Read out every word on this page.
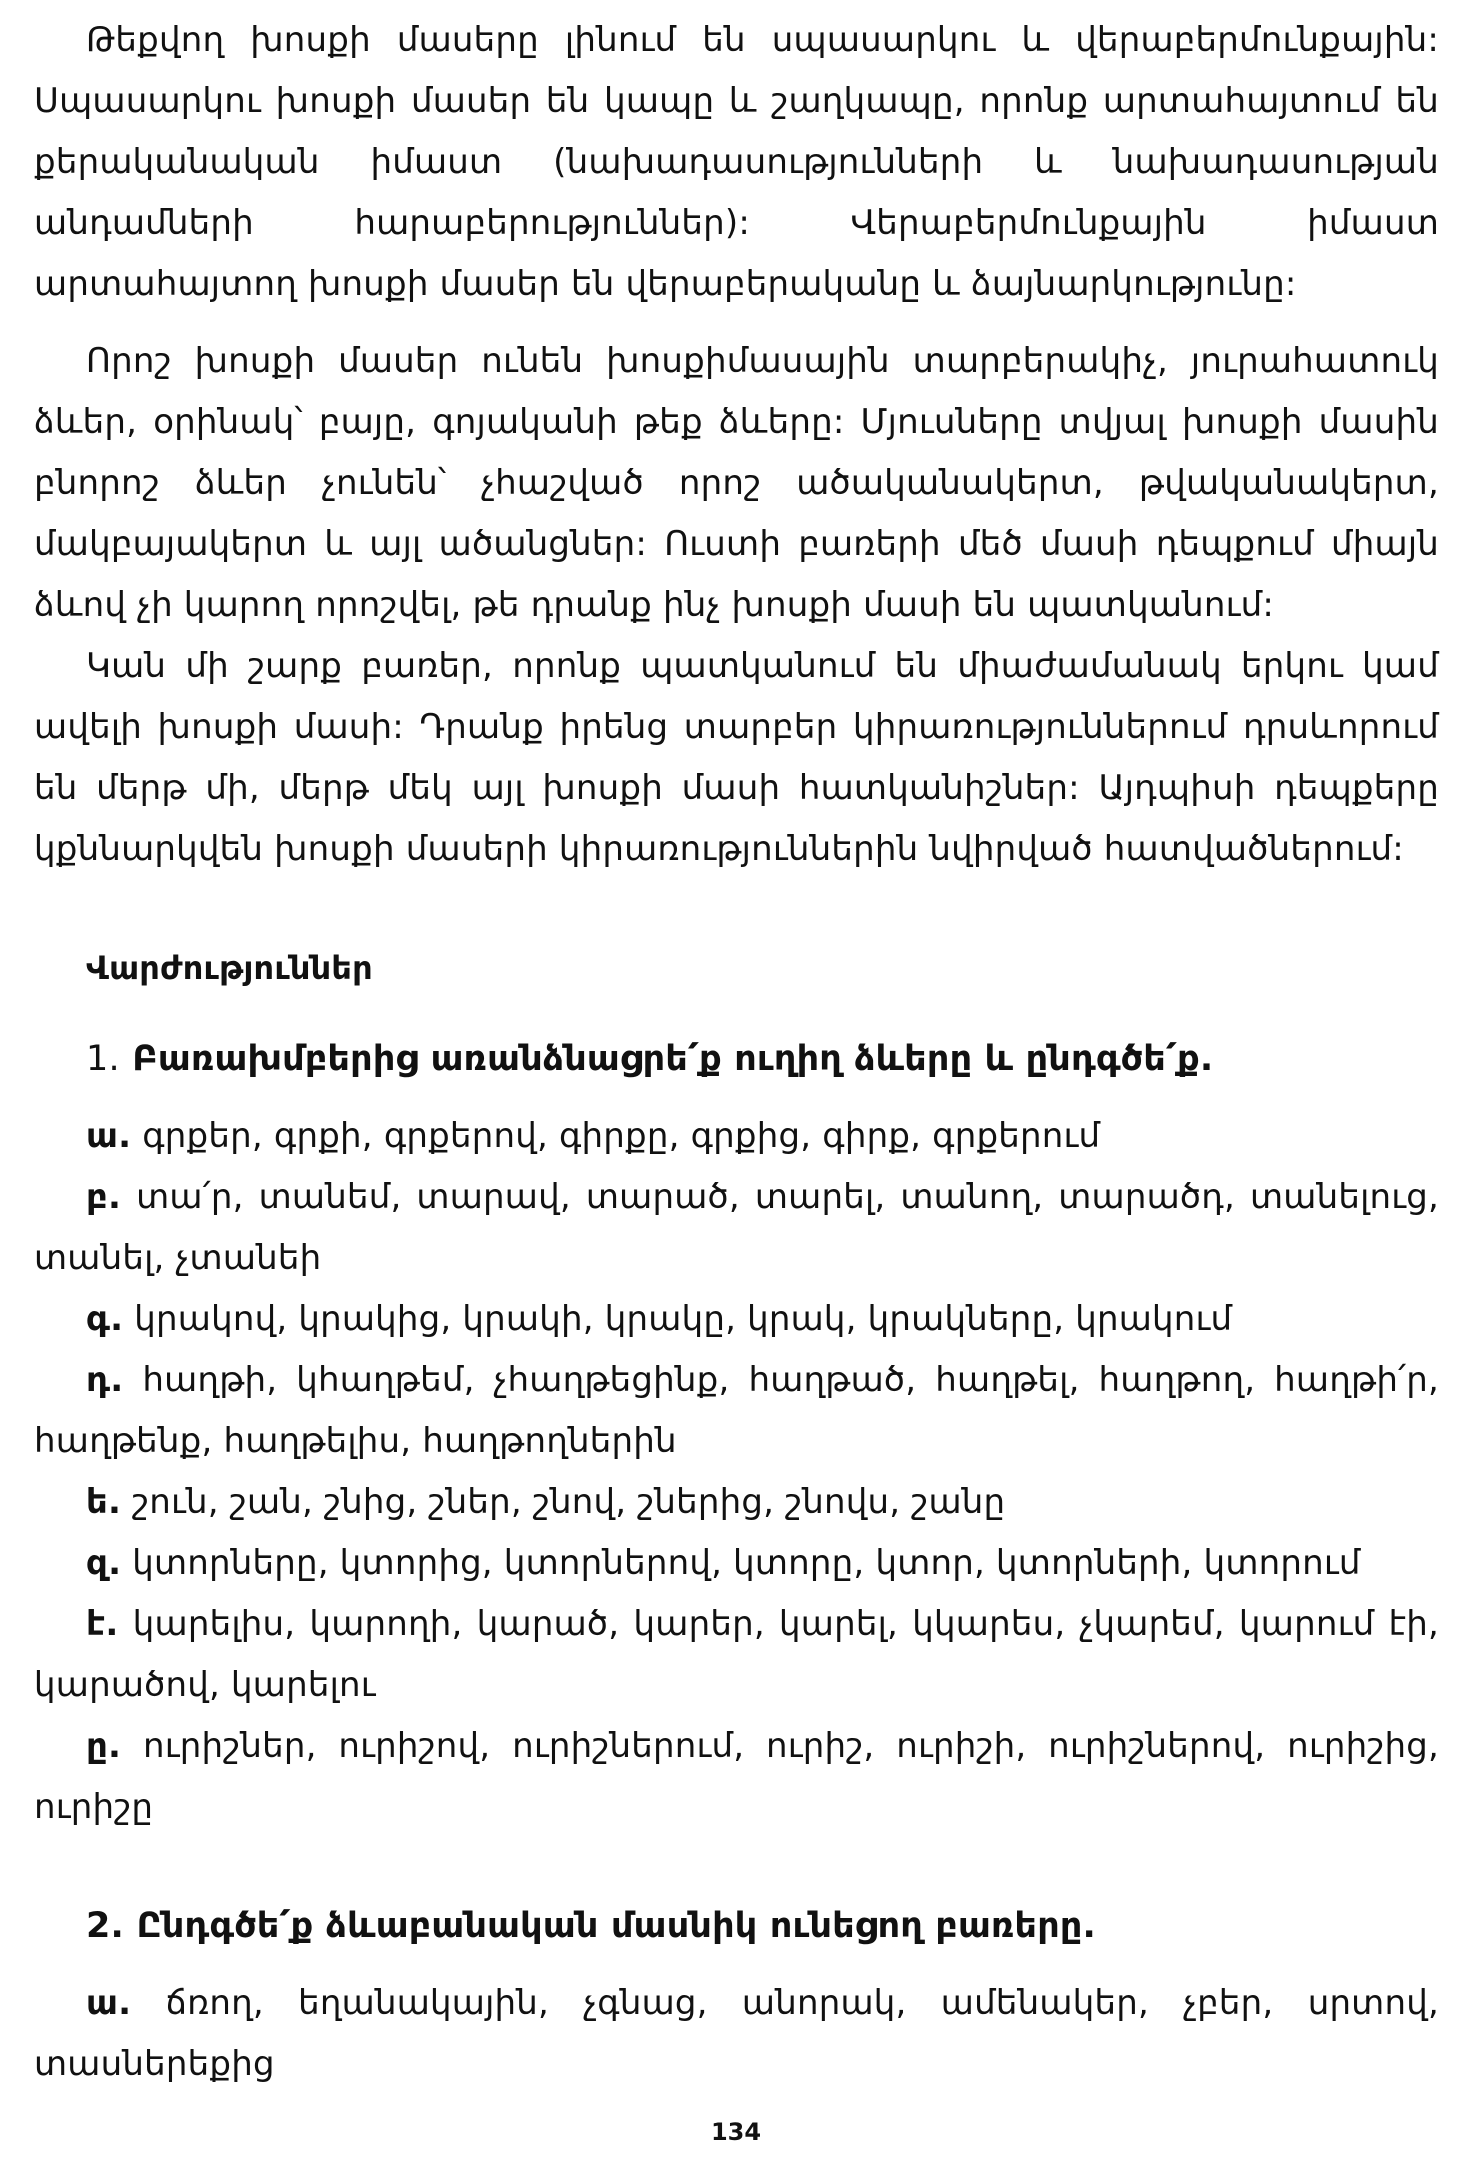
Թեքվող խոսքի մասերը լինում են սպասարկու և վերաբերմունքային: Սպասարկու խոսքի մասեր են կապը և շաղկապը, որոնք արտահայտում են քերականական իմաստ (նախադասությունների և նախադասության անդամների հարաբերություններ): Վերաբերմունքային իմաստ արտահայտող խոսքի մասեր են վերաբերականը և ձայնարկությունը:

Որոշ խոսքի մասեր ունեն խոսքիմասային տարբերակիչ, յուրահատուկ ձևեր, օրինակ՝ բայը, գոյականի թեք ձևերը: Մյուսները տվյալ խոսքի մասին բնորոշ ձևեր չունեն՝ չհաշված որոշ ածականակերտ, թվականակերտ, մակբայակերտ և այլ ածանցներ: Ուստի բառերի մեծ մասի դեպքում միայն ձևով չի կարող որոշվել, թե դրանք ինչ խոսքի մասի են պատկանում:

Կան մի շարք բառեր, որոնք պատկանում են միաժամանակ երկու կամ ավելի խոսքի մասի: Դրանք իրենց տարբեր կիրառություններում դրսևորում են մերթ մի, մերթ մեկ այլ խոսքի մասի հատկանիշներ: Այդպիսի դեպքերը կքննարկվեն խոսքի մասերի կիրառություններին նվիրված հատվածներում:

Վարժություններ

1. Բառախմբերից առանձնացրե՛ք ուղիղ ձևերը և ընդգծե՛ք.

ա. գրքեր, գրքի, գրքերով, գիրքը, գրքից, գիրք, գրքերում

բ. տա՛ր, տանեմ, տարավ, տարած, տարել, տանող, տարածդ, տանելուց, տանել, չտանեի

գ. կրակով, կրակից, կրակի, կրակը, կրակ, կրակները, կրակում

դ. հաղթի, կհաղթեմ, չհաղթեցինք, հաղթած, հաղթել, հաղթող, հաղթի՛ր, հաղթենք, հաղթելիս, հաղթողներին

ե. շուն, շան, շնից, շներ, շնով, շներից, շնովս, շանը

զ. կտորները, կտորից, կտորներով, կտորը, կտոր, կտորների, կտորում

է. կարելիս, կարողի, կարած, կարեր, կարել, կկարես, չկարեմ, կարում էի, կարածով, կարելու

ը. ուրիշներ, ուրիշով, ուրիշներում, ուրիշ, ուրիշի, ուրիշներով, ուրիշից, ուրիշը

2. Ընդգծե՛ք ձևաբանական մասնիկ ունեցող բառերը.

ա. ճռող, եղանակային, չգնաց, անորակ, ամենակեր, չբեր, սրտով, տասներեքից

134
